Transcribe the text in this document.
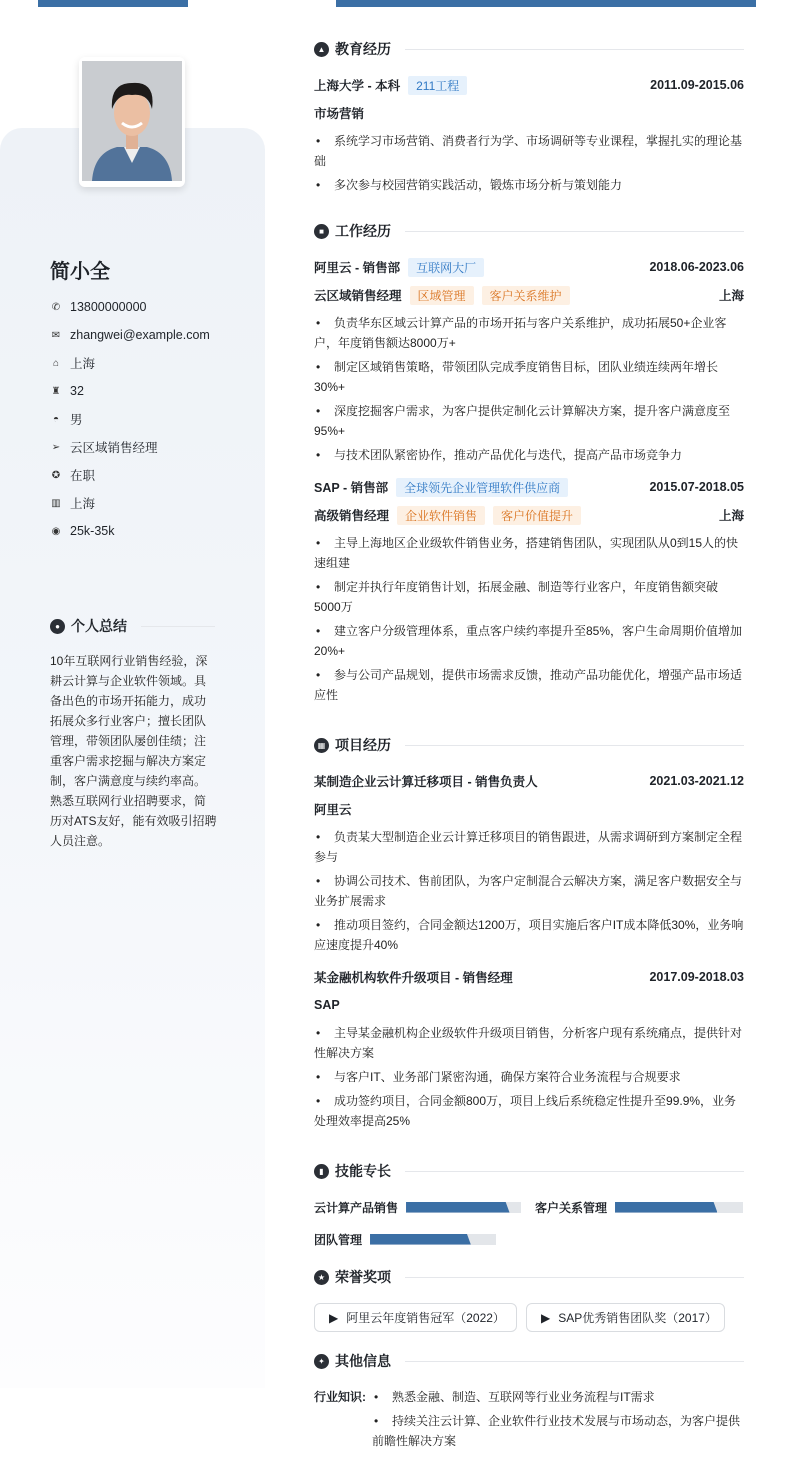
简小全
✆ 13800000000
✉ zhangwei@example.com
⌂ 上海
♜ 32
◓ 男
➢ 云区域销售经理
✪ 在职
▥ 上海
◉ 25k-35k
● 个人总结
10年互联网行业销售经验，深耕云计算与企业软件领域。具备出色的市场开拓能力，成功拓展众多行业客户；擅长团队管理，带领团队屡创佳绩；注重客户需求挖掘与解决方案定制，客户满意度与续约率高。熟悉互联网行业招聘要求，简历对ATS友好，能有效吸引招聘人员注意。
▲ 教育经历
上海大学 - 本科	211工程	2011.09-2015.06
市场营销
• 系统学习市场营销、消费者行为学、市场调研等专业课程，掌握扎实的理论基础
• 多次参与校园营销实践活动，锻炼市场分析与策划能力
■ 工作经历
阿里云 - 销售部	互联网大厂	2018.06-2023.06
云区域销售经理	区域管理	客户关系维护	上海
• 负责华东区域云计算产品的市场开拓与客户关系维护，成功拓展50+企业客户，年度销售额达8000万+
• 制定区域销售策略，带领团队完成季度销售目标，团队业绩连续两年增长30%+
• 深度挖掘客户需求，为客户提供定制化云计算解决方案，提升客户满意度至95%+
• 与技术团队紧密协作，推动产品优化与迭代，提高产品市场竞争力
SAP - 销售部	全球领先企业管理软件供应商	2015.07-2018.05
高级销售经理	企业软件销售	客户价值提升	上海
• 主导上海地区企业级软件销售业务，搭建销售团队，实现团队从0到15人的快速组建
• 制定并执行年度销售计划，拓展金融、制造等行业客户，年度销售额突破5000万
• 建立客户分级管理体系，重点客户续约率提升至85%，客户生命周期价值增加20%+
• 参与公司产品规划，提供市场需求反馈，推动产品功能优化，增强产品市场适应性
▦ 项目经历
某制造企业云计算迁移项目 - 销售负责人	2021.03-2021.12
阿里云
• 负责某大型制造企业云计算迁移项目的销售跟进，从需求调研到方案制定全程参与
• 协调公司技术、售前团队，为客户定制混合云解决方案，满足客户数据安全与业务扩展需求
• 推动项目签约，合同金额达1200万，项目实施后客户IT成本降低30%，业务响应速度提升40%
某金融机构软件升级项目 - 销售经理	2017.09-2018.03
SAP
• 主导某金融机构企业级软件升级项目销售，分析客户现有系统痛点，提供针对性解决方案
• 与客户IT、业务部门紧密沟通，确保方案符合业务流程与合规要求
• 成功签约项目，合同金额800万，项目上线后系统稳定性提升至99.9%，业务处理效率提高25%
▮ 技能专长
云计算产品销售	客户关系管理
团队管理
★ 荣誉奖项
▶ 阿里云年度销售冠军（2022）	▶ SAP优秀销售团队奖（2017）
✦ 其他信息
行业知识:	• 熟悉金融、制造、互联网等行业业务流程与IT需求
• 持续关注云计算、企业软件行业技术发展与市场动态，为客户提供前瞻性解决方案
